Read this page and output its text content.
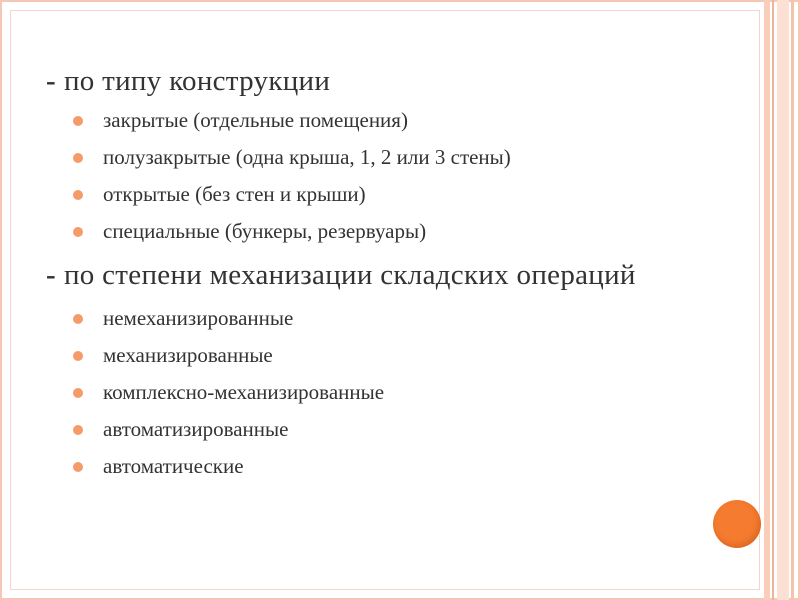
- по типу конструкции

закрытые (отдельные помещения)
полузакрытые (одна крыша, 1, 2 или 3 стены)
открытые (без стен и крыши)
специальные (бункеры, резервуары)

- по степени механизации складских операций

немеханизированные
механизированные
комплексно-механизированные
автоматизированные
автоматические
